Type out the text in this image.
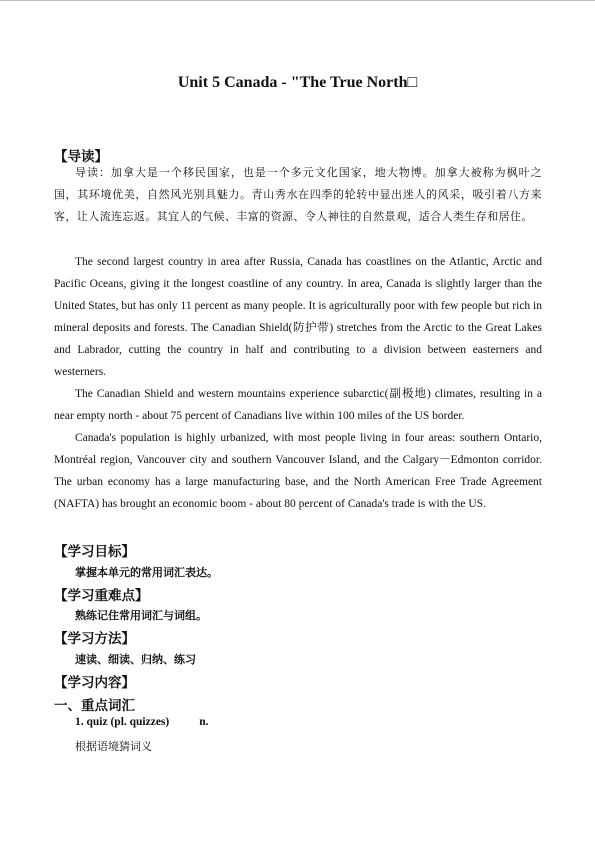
Unit 5 Canada - "The True North□
【导读】
导读：加拿大是一个移民国家，也是一个多元文化国家，地大物博。加拿大被称为枫叶之国，其环境优美，自然风光别具魅力。青山秀水在四季的轮转中显出迷人的风采，吸引着八方来客，让人流连忘返。其宜人的气候、丰富的资源、令人神往的自然景观，适合人类生存和居住。
The second largest country in area after Russia, Canada has coastlines on the Atlantic, Arctic and Pacific Oceans, giving it the longest coastline of any country. In area, Canada is slightly larger than the United States, but has only 11 percent as many people. It is agriculturally poor with few people but rich in mineral deposits and forests. The Canadian Shield(防护带) stretches from the Arctic to the Great Lakes and Labrador, cutting the country in half and contributing to a division between easterners and westerners.
The Canadian Shield and western mountains experience subarctic(副极地) climates, resulting in a near empty north - about 75 percent of Canadians live within 100 miles of the US border.
Canada's population is highly urbanized, with most people living in four areas: southern Ontario, Montréal region, Vancouver city and southern Vancouver Island, and the Calgary－Edmonton corridor. The urban economy has a large manufacturing base, and the North American Free Trade Agreement (NAFTA) has brought an economic boom - about 80 percent of Canada's trade is with the US.
【学习目标】
掌握本单元的常用词汇表达。
【学习重难点】
熟练记住常用词汇与词组。
【学习方法】
速读、细读、归纳、练习
【学习内容】
一、重点词汇
1. quiz (pl. quizzes)	n.
根据语境猜词义
